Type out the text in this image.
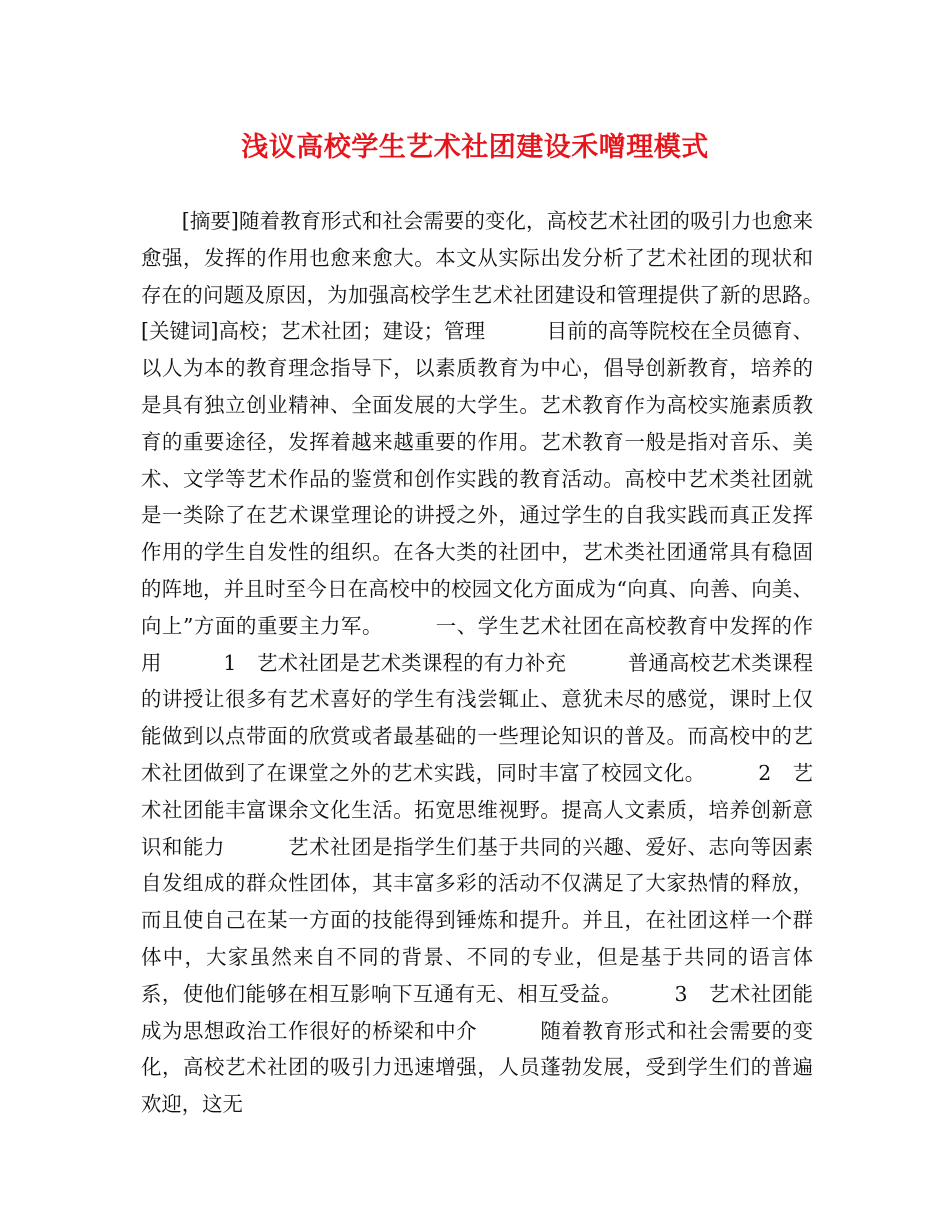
浅议高校学生艺术社团建设禾噌理模式

[摘要]随着教育形式和社会需要的变化，高校艺术社团的吸引力也愈来愈强，发挥的作用也愈来愈大。本文从实际出发分析了艺术社团的现状和存在的问题及原因，为加强高校学生艺术社团建设和管理提供了新的思路。　　　[关键词]高校；艺术社团；建设；管理　　　目前的高等院校在全员德育、以人为本的教育理念指导下，以素质教育为中心，倡导创新教育，培养的是具有独立创业精神、全面发展的大学生。艺术教育作为高校实施素质教育的重要途径，发挥着越来越重要的作用。艺术教育一般是指对音乐、美术、文学等艺术作品的鉴赏和创作实践的教育活动。高校中艺术类社团就是一类除了在艺术课堂理论的讲授之外，通过学生的自我实践而真正发挥作用的学生自发性的组织。在各大类的社团中，艺术类社团通常具有稳固的阵地，并且时至今日在高校中的校园文化方面成为“向真、向善、向美、向上”方面的重要主力军。　　　一、学生艺术社团在高校教育中发挥的作用　　　1　艺术社团是艺术类课程的有力补充　　　普通高校艺术类课程的讲授让很多有艺术喜好的学生有浅尝辄止、意犹未尽的感觉，课时上仅能做到以点带面的欣赏或者最基础的一些理论知识的普及。而高校中的艺术社团做到了在课堂之外的艺术实践，同时丰富了校园文化。　　　2　艺术社团能丰富课余文化生活。拓宽思维视野。提高人文素质，培养创新意识和能力　　　艺术社团是指学生们基于共同的兴趣、爱好、志向等因素自发组成的群众性团体，其丰富多彩的活动不仅满足了大家热情的释放，而且使自己在某一方面的技能得到锤炼和提升。并且，在社团这样一个群体中，大家虽然来自不同的背景、不同的专业，但是基于共同的语言体系，使他们能够在相互影响下互通有无、相互受益。　　　3　艺术社团能成为思想政治工作很好的桥梁和中介　　　随着教育形式和社会需要的变化，高校艺术社团的吸引力迅速增强，人员蓬勃发展，受到学生们的普遍欢迎，这无
